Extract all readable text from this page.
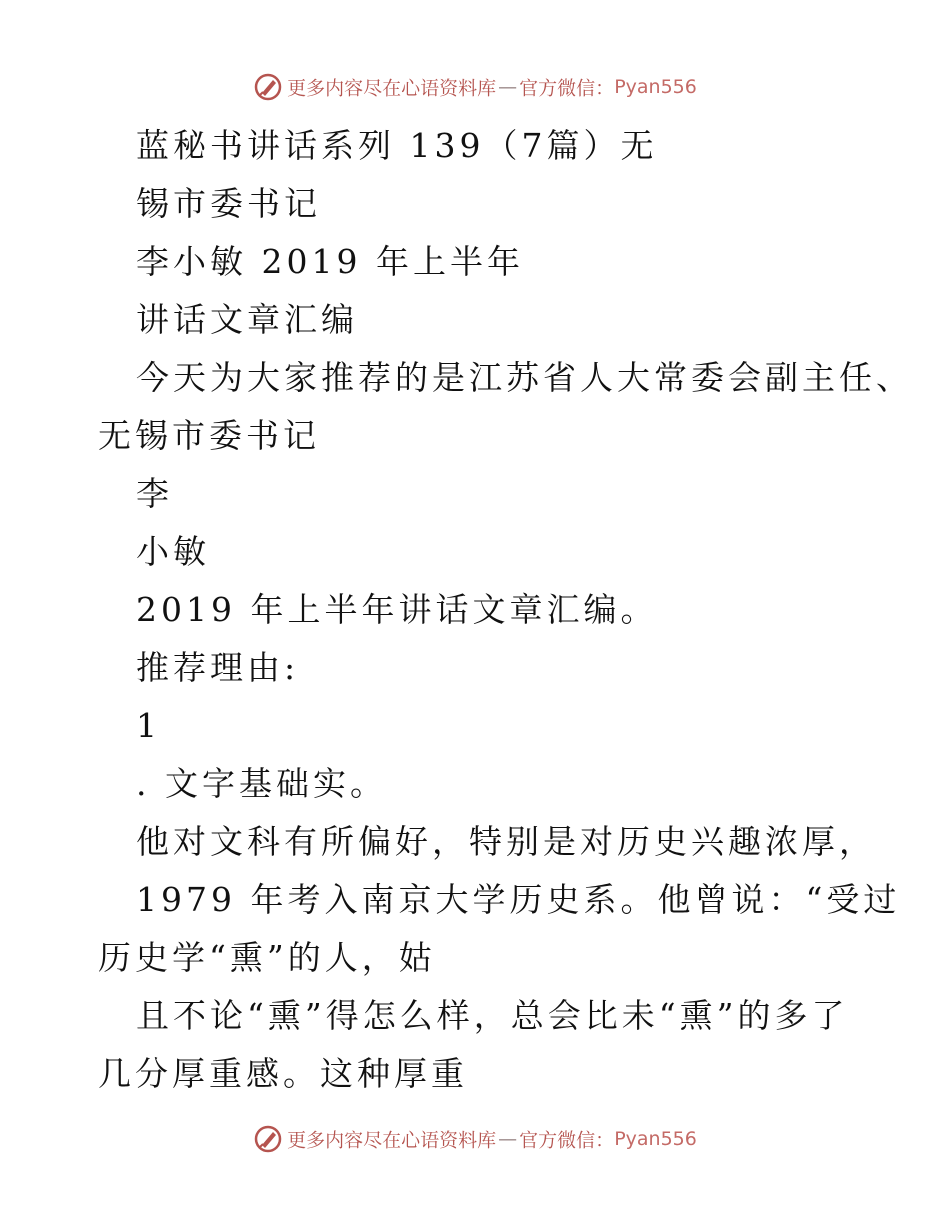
更多内容尽在心语资料库 — 官方微信：Pyan556
蓝秘书讲话系列 139（7篇）无
锡市委书记
李小敏 2019 年上半年
讲话文章汇编
今天为大家推荐的是江苏省人大常委会副主任、
无锡市委书记
李
小敏
2019 年上半年讲话文章汇编。
推荐理由:
1
. 文字基础实。
他对文科有所偏好，特别是对历史兴趣浓厚，
1979 年考入南京大学历史系。他曾说：“受过
历史学“熏”的人，姑
且不论“熏”得怎么样，总会比未“熏”的多了
几分厚重感。这种厚重
更多内容尽在心语资料库 — 官方微信：Pyan556
